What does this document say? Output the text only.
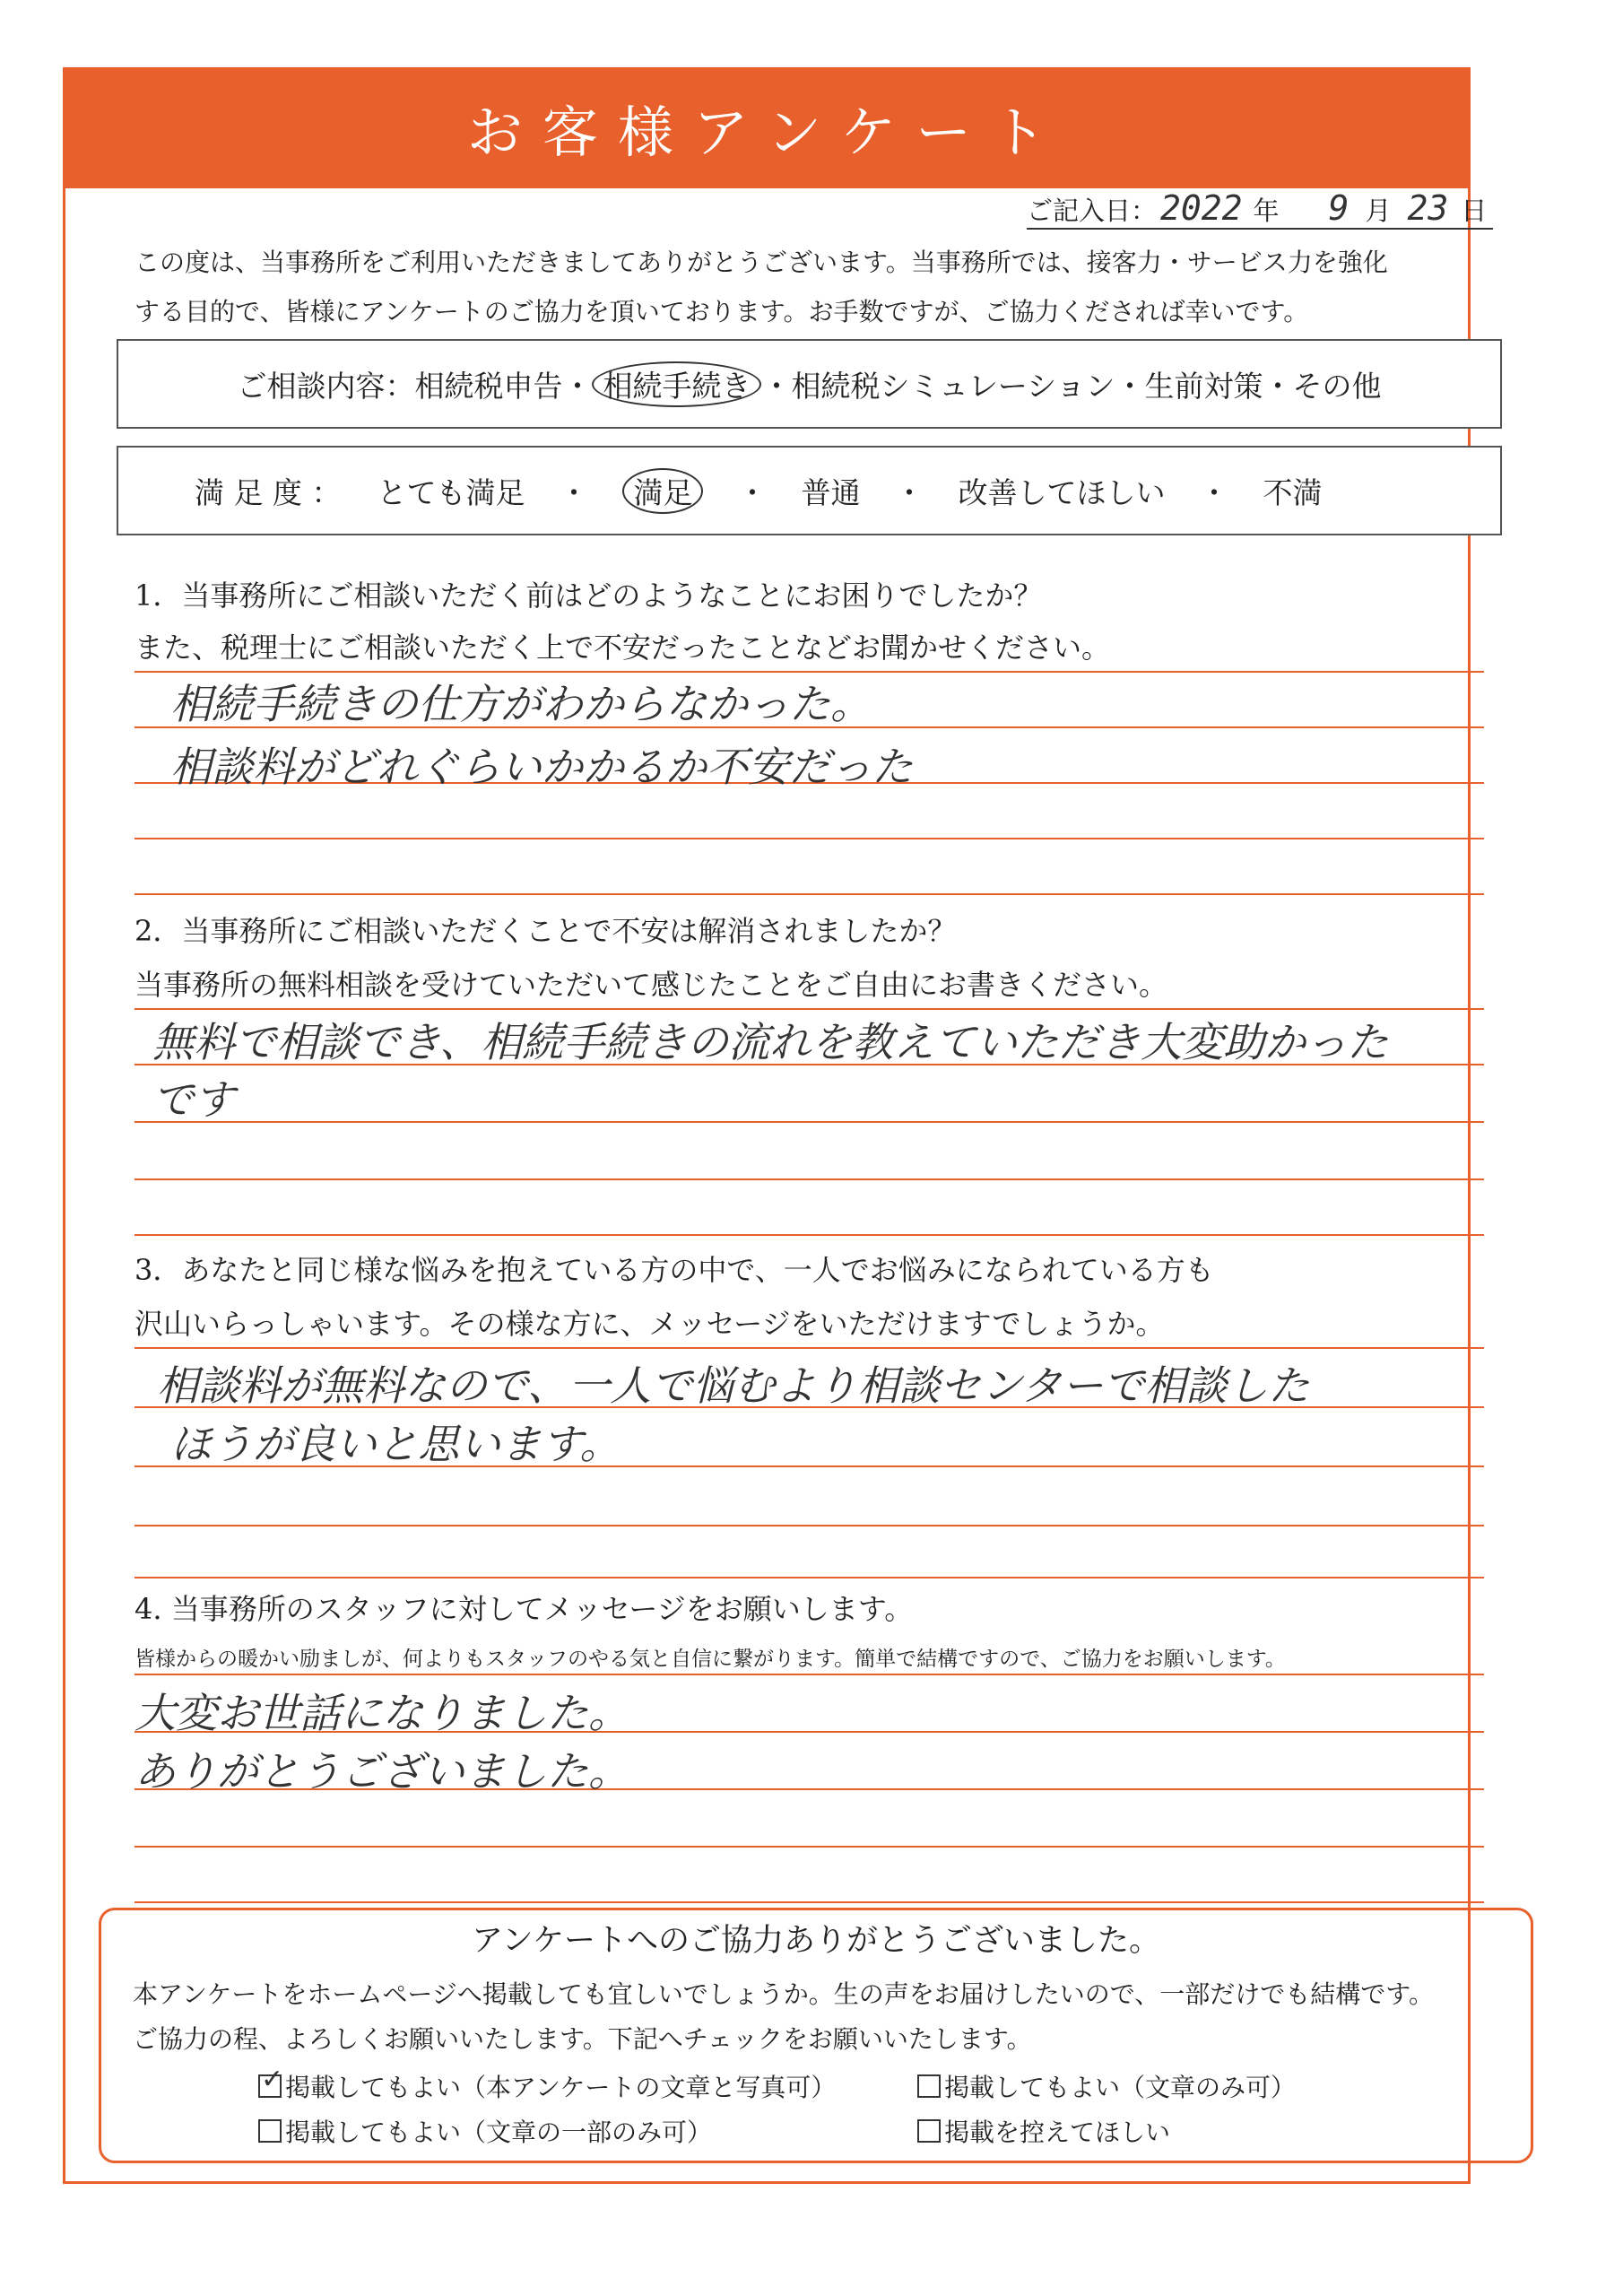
お客様アンケート
ご記入日： 2022 年 9 月 23 日
この度は、当事務所をご利用いただきましてありがとうございます。当事務所では、接客力・サービス力を強化
する目的で、皆様にアンケートのご協力を頂いております。お手数ですが、ご協力くだされば幸いです。
ご相談内容： 相続税申告 ・ 相続手続き ・ 相続税シミュレーション ・ 生前対策 ・ その他
満 足 度 ： とても満足 ・	満足	・ 普通 ・ 改善してほしい ・ 不満
1．当事務所にご相談いただく前はどのようなことにお困りでしたか？
また、税理士にご相談いただく上で不安だったことなどお聞かせください。
相続手続きの仕方がわからなかった。
相談料がどれぐらいかかるか不安だった
2．当事務所にご相談いただくことで不安は解消されましたか？
当事務所の無料相談を受けていただいて感じたことをご自由にお書きください。
無料で相談でき、相続手続きの流れを教えていただき大変助かった
です
3．あなたと同じ様な悩みを抱えている方の中で、一人でお悩みになられている方も
沢山いらっしゃいます。その様な方に、メッセージをいただけますでしょうか。
相談料が無料なので、一人で悩むより相談センターで相談した
ほうが良いと思います。
4. 当事務所のスタッフに対してメッセージをお願いします。
皆様からの暖かい励ましが、何よりもスタッフのやる気と自信に繋がります。簡単で結構ですので、ご協力をお願いします。
大変お世話になりました。
ありがとうございました。
アンケートへのご協力ありがとうございました。
本アンケートをホームページへ掲載しても宜しいでしょうか。生の声をお届けしたいので、一部だけでも結構です。
ご協力の程、よろしくお願いいたします。下記へチェックをお願いいたします。
✓
掲載してもよい（本アンケートの文章と写真可）	掲載してもよい（文章のみ可）
掲載してもよい（文章の一部のみ可）	掲載を控えてほしい
